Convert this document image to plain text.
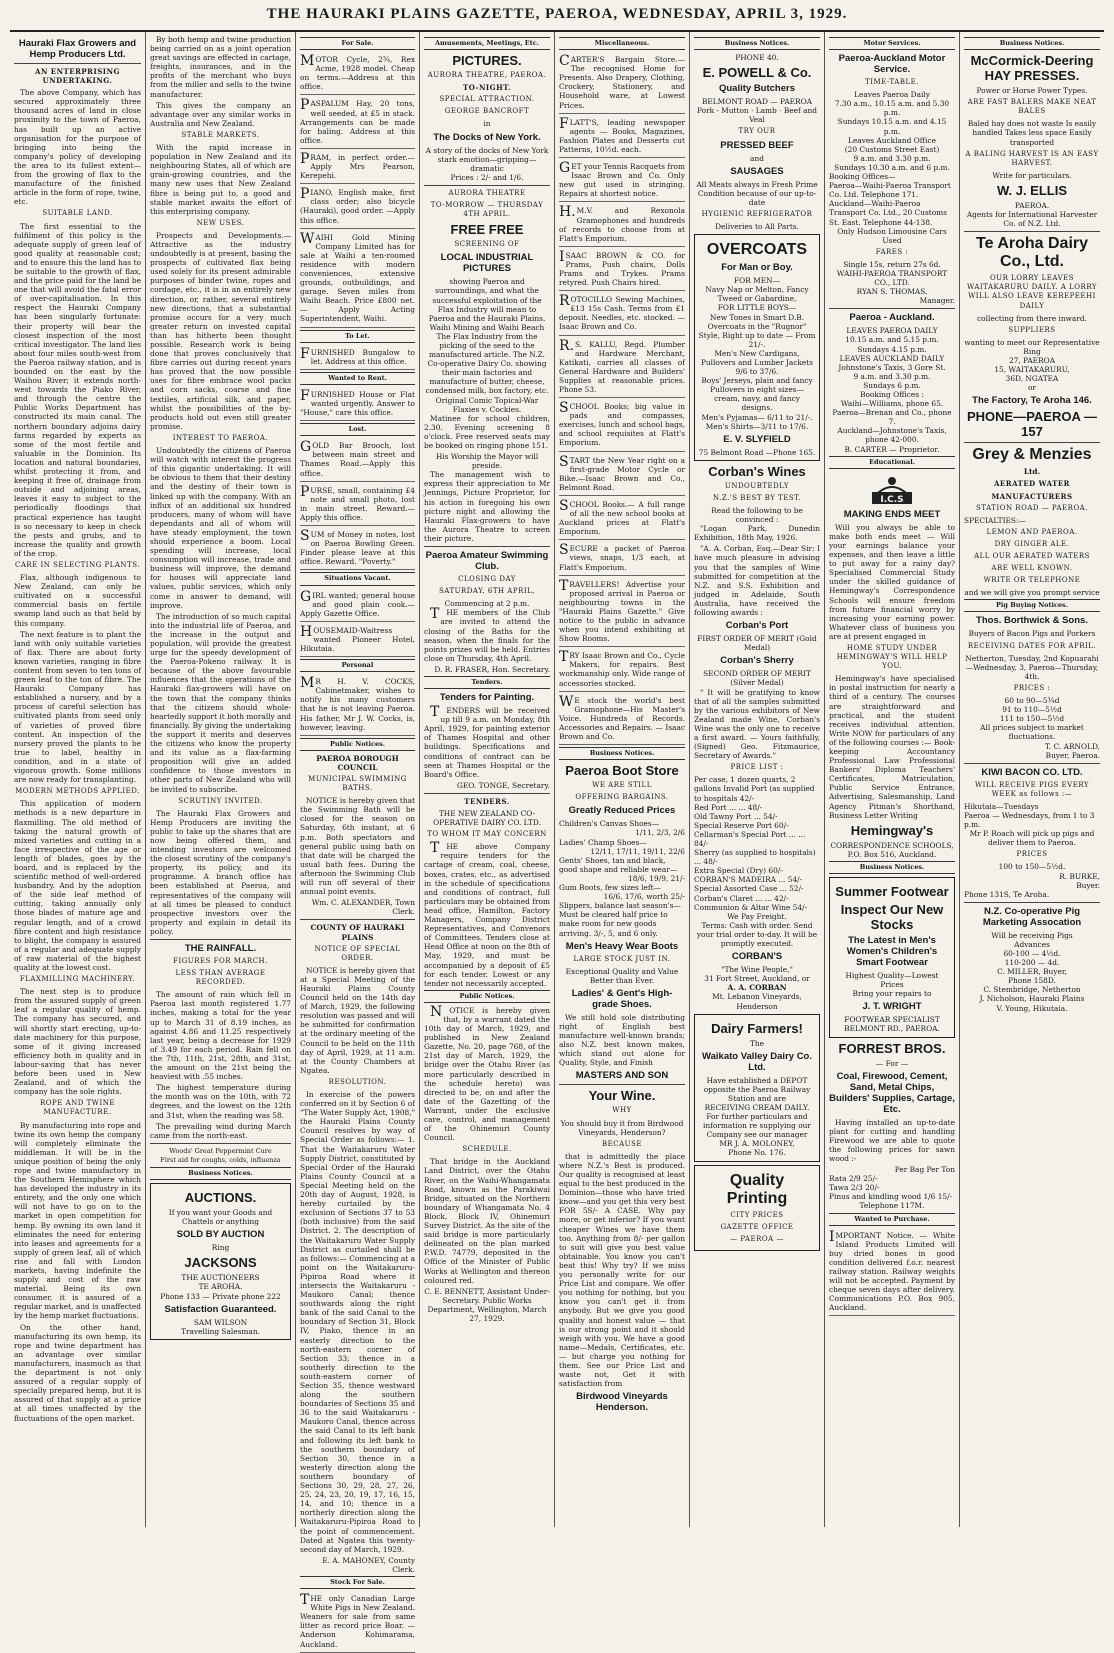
THE HAURAKI PLAINS GAZETTE, PAEROA, WEDNESDAY, APRIL 3, 1929.
Hauraki Flax Growers and Hemp Producers Ltd.
AN ENTERPRISING UNDERTAKING.

The above Company, which has secured approximately three thousand acres of land in close proximity to the town of Paeroa, has built up an active organisation for the purpose of bringing into being the company's policy of developing the area to its fullest extent—from the growing of flax to the manufacture of the finished article in the form of rope, twine, etc.

SUITABLE LAND.

The first essential to the fulfilment of this policy is the adequate supply of green leaf of good quality at reasonable cost; and to ensure this the land has to be suitable to the growth of flax, and the price paid for the land be one that will avoid the fatal error of over-capitalisation. In this respect the Hauraki Company has been singularly fortunate: their property will bear the closest inspection of the most critical investigator. The land lies about four miles south-west from the Paeroa railway station, and is bounded on the east by the Waihou River; it extends north-west towards the Piako River, and through the centre the Public Works Department has constructed its main canal. The northern boundary adjoins dairy farms regarded by experts as some of the most fertile and valuable in the Dominion. Its location and natural boundaries, whilst protecting it from, and keeping it free of, drainage from outside and adjoining areas, leaves it easy to subject to the periodically floodings that practical experience has taught is so necessary to keep in check the pests and grubs, and to increase the quality and growth of the crop.

CARE IN SELECTING PLANTS.

Flax, although indigenous to New Zealand, can only be cultivated on a successful commercial basis on fertile swamp land such as that held by this company.

The next feature is to plant the land with only suitable varieties of flax. There are about forty known varieties, ranging in fibre content from seven to ten tons of green leaf to the ton of fibre. The Hauraki Company has established a nursery, and by a process of careful selection has cultivated plants from seed only of varieties of proved fibre content. An inspection of the nursery proved the plants to be true to label, healthy in condition, and in a state of vigorous growth. Some millions are now ready for transplanting.

MODERN METHODS APPLIED.

This application of modern methods is a new departure in flaxmilling. The old method of taking the natural growth of mixed varieties and cutting in a face irrespective of the age or length of blades, goes by the board, and is replaced by the scientific method of well-ordered husbandry. And by the adoption of the side leaf method of cutting, taking annually only those blades of mature age and regular length, and of a crowd fibre content and high resistance to blight, the company is assured of a regular and adequate supply of raw material of the highest quality at the lowest cost.

FLAXMILLING MACHINERY.

The next step is to produce from the assured supply of green leaf a regular quality of hemp. The company has secured, and will shortly start erecting, up-to-date machinery for this purpose, some of it giving increased efficiency both in quality and in labour-saving that has never before been used in New Zealand, and of which the company has the sole rights.

ROPE AND TWINE MANUFACTURE.

By manufacturing into rope and twine its own hemp the company will completely eliminate the middleman. It will be in the unique position of being the only rope and twine manufactory in the Southern Hemisphere which has developed the industry in its entirety, and the only one which will not have to go on to the market in open competition for hemp. By owning its own land it eliminates the need for entering into leases and agreements for a supply of green leaf, all of which rise and fall with London markets, having indefinite the supply and cost of the raw material. Being its own consumer, it is assured of a regular market, and is unaffected by the hemp market fluctuations.

On the other hand, manufacturing its own hemp, its rope and twine department has an advantage over similar manufacturers, inasmuch as that the department is not only assured of a regular supply of specially prepared hemp, but it is assured of that supply at a price at all times unaffected by the fluctuations of the open market.

By both hemp and twine production being carried on as a joint operation great savings are effected in cartage, freights, insurances, and in the profits of the merchant who buys from the miller and sells to the twine manufacturer.

This gives the company an advantage over any similar works in Australia and New Zealand.

STABLE MARKETS.

With the rapid increase in population in New Zealand and its neighbouring States, all of which are grain-growing countries, and the many new uses that New Zealand fibre is being put to, a good and stable market awaits the effort of this enterprising company.

NEW USES.

Prospects and Developments.—Attractive as the industry undoubtedly is at present, basing the prospects of cultivated flax being used solely for its present admirable purposes of binder twine, ropes and cordage, etc., it is in an entirely new direction, or, rather, several entirely new directions, that a substantial promise occurs for a very much greater return on invested capital than has hitherto been thought possible. Research work is being done that proves conclusively that fibre carries out during recent years has proved that the now possible uses for fibre embrace wool packs and corn sacks, coarse and fine textiles, artificial silk, and paper, whilst the possibilities of the by-products hold out even still greater promise.

INTEREST TO PAEROA.

Undoubtedly the citizens of Paeroa will watch with interest the progress of this gigantic undertaking. It will be obvious to them that their destiny and the destiny of their town is linked up with the company. With an influx of an additional six hundred producers, many of whom will have dependants and all of whom will have steady employment, the town should experience a boom. Local spending will increase, local consumption will increase, trade and business will improve, the demand for houses will appreciate land values, public services, which only come in answer to demand, will improve.

The introduction of so much capital into the industrial life of Paeroa, and the increase in the output and population, will provide the greatest urge for the speedy development of the Paeroa-Pokeno railway. It is because of the above favourable influences that the operations of the Hauraki flax-growers will have on the town that the company thinks that the citizens should whole-heartedly support it both morally and financially. By giving the undertaking the support it merits and deserves the citizens who know the property and its value as a flax-farming proposition will give an added confidence to those investors in other parts of New Zealand who will be invited to subscribe.

SCRUTINY INVITED.

The Hauraki Flax Growers and Hemp Producers are inviting the public to take up the shares that are now being offered them, and intending investors are welcomed the closest scrutiny of the company's property, its policy, and its programme. A branch office has been established at Paeroa, and representatives of the company will at all times be pleased to conduct prospective investors over the property and explain in detail its policy.

THE RAINFALL.
FIGURES FOR MARCH.
LESS THAN AVERAGE RECORDED.

The amount of rain which fell in Paeroa last month registered 1.77 inches, making a total for the year up to March 31 of 8.19 inches, as against 4.86 and 11.25 respectively last year, being a decrease for 1929 of 3.49 for each period. Rain fell on the 7th, 11th, 21st, 28th, and 31st, the amount on the 21st being the heaviest with .55 inches.

The highest temperature during the month was on the 10th, with 72 degrees, and the lowest on the 12th and 31st, when the reading was 58.

The prevailing wind during March came from the north-east.

Woods' Great Peppermint Cure
First aid for coughs, colds, influenza
Business Notices.
AUCTIONS.
If you want your Goods and Chattels or anything
SOLD BY AUCTION
Ring
JACKSONS
THE AUCTIONEERS
TE AROHA.
Phone 133 — Private phone 222
Satisfaction Guaranteed.
SAM WILSON
Travelling Salesman.
For Sale.
MOTOR Cycle, 2¾, Rex Acme, 1928 model. Cheap on terms.—Address at this office.
PASPALUM Hay, 20 tons, well seeded, at £5 in stack. Arrangements can be made for baling. Address at this office.
PRAM, in perfect order.—Apply Mrs Pearson, Kerepehi.
PIANO, English make, first class order; also bicycle (Hauraki), good order. —Apply this office.
WAIHI Gold Mining Company Limited has for sale at Waihi a ten-roomed residence with modern conveniences, extensive grounds, outbuildings, and garage. Seven miles from Waihi Beach. Price £800 net. — Apply Acting Superintendent, Waihi.
To Let.
FURNISHED Bungalow to let. Address at this office.
Wanted to Rent.
FURNISHED House or Flat wanted urgently. Answer to "House," care this office.
Lost.
GOLD Bar Brooch, lost between main street and Thames Road.—Apply this office.
PURSE, small, containing £4 note and small photo, lost in main street. Reward.—Apply this office.
SUM of Money in notes, lost on Paeroa Bowling Green. Finder please leave at this office. Reward. "Poverty."
Situations Vacant.
GIRL wanted; general house and good plain cook.—Apply Gazette Office.
HOUSEMAID-Waitress wanted Pioneer Hotel, Hikutaia.
Personal
MR H. V. COCKS, Cabinetmaker, wishes to notify his many customers that he is not leaving Paeroa. His father, Mr J. W. Cocks, is, however, leaving.
Public Notices.
PAEROA BOROUGH COUNCIL
MUNICIPAL SWIMMING BATHS.

NOTICE is hereby given that the Swimming Bath will be closed for the season on Saturday, 6th instant, at 6 p.m. Both spectators and general public using bath on that date will be charged the usual bath fees. During the afternoon the Swimming Club will run off several of their annual point events.

Wm. C. ALEXANDER, Town Clerk.
COUNTY OF HAURAKI PLAINS
NOTICE OF SPECIAL ORDER.

NOTICE is hereby given that at a Special Meeting of the Hauraki Plains County Council held on the 14th day of March, 1929, the following resolution was passed and will be submitted for confirmation at the ordinary meeting of the Council to be held on the 11th day of April, 1929, at 11 a.m. at the County Chambers at Ngatea.

RESOLUTION.

In exercise of the powers conferred on it by Section 6 of "The Water Supply Act, 1908," the Hauraki Plains County Council resolves by way of Special Order as follows:— 1. That the Waitakaruru Water Supply District, constituted by Special Order of the Hauraki Plains County Council at a Special Meeting held on the 20th day of August, 1928, is hereby curtailed by the exclusion of Sections 37 to 53 (both inclusive) from the said District. 2. The description of the Waitakaruru Water Supply District as curtailed shall be as follows:— Commencing at a point on the Waitakaruru-Pipiroa Road where it intersects the Waitakaruru - Maukoro Canal; thence southwards along the right bank of the said Canal to the boundary of Section 31, Block IV, Piako, thence in an easterly direction to the north-eastern corner of Section 33; thence in a southerly direction to the south-eastern corner of Section 35, thence westward along the southern boundaries of Sections 35 and 36 to the said Waitakaruru - Maukoro Canal, thence across the said Canal to its left bank and following its left bank to the southern boundary of Section 30, thence in a westerly direction along the southern boundary of Sections 30, 29, 28, 27, 26, 25, 24, 23, 20, 19, 17, 16, 15, 14, and 10; thence in a northerly direction along the Waitakaruru-Pipiroa Road to the point of commencement. Dated at Ngatea this twenty-second day of March, 1929.

E. A. MAHONEY, County Clerk.
Stock For Sale.
THE only Canadian Large White Pigs in New Zealand. Weaners for sale from same litter as record price Boar. — Anderson Kohimarama, Auckland.
Amusements, Meetings, Etc.
PICTURES.
AURORA THEATRE, PAEROA.
TO-NIGHT.
SPECIAL ATTRACTION.
GEORGE BANCROFT
in
The Docks of New York.
A story of the docks of New York stark emotion—gripping—dramatic
Prices : 2/- and 1/6.
AURORA THEATRE
TO-MORROW — THURSDAY 4TH APRIL.
FREE FREE
SCREENING OF
LOCAL INDUSTRIAL PICTURES

showing Paeroa and surroundings, and what the successful exploitation of the Flax Industry will mean to Paeroa and the Hauraki Plains. Waihi Mining and Waihi Beach The Flax Industry from the picking of the seed to the manufactured article. The N.Z. Co-operative Dairy Co. showing their main factories and manufacture of butter, cheese, condensed milk, box factory, etc. Original Comic Topical-War Flaxies v. Cockies.

Matinee for school children, 2.30. Evening screening 8 o'clock. Free reserved seats may be booked on ringing phone 151.

His Worship the Mayor will preside.

The management wish to express their appreciation to Mr Jennings, Picture Proprietor, for his action in foregoing his own picture night and allowing the Hauraki Flax-growers to have the Aurora Theatre to screen their picture.

Paeroa Amateur Swimming Club.
CLOSING DAY
SATURDAY, 6TH APRIL,
Commencing at 2 p.m.

THE members of the Club are invited to attend the closing of the Baths for the season, when the finals for the points prizes will be held. Entries close on Thursday, 4th April.

D. R. FRASER, Hon. Secretary.
Tenders.
Tenders for Painting.

TENDERS will be received up till 9 a.m. on Monday, 8th April, 1929, for painting exterior of Thames Hospital and other buildings. Specifications and conditions of contract can be seen at Thames Hospital or the Board's Office.

GEO. TONGE, Secretary.
TENDERS.
THE NEW ZEALAND CO-OPERATIVE DAIRY CO. LTD.
TO WHOM IT MAY CONCERN

THE above Company require tenders for the cartage of cream, coal, cheese, boxes, crates, etc., as advertised in the schedule of specifications and conditions of contract, full particulars may be obtained from head office, Hamilton, Factory Managers, Company District Representatives, and Convenors of Committees. Tenders close at Head Office at noon on the 8th of May, 1929, and must be accompanied by a deposit of £5 for each tender. Lowest or any tender not necessarily accepted.

Public Notices.

NOTICE is hereby given that, by a warrant dated the 10th day of March, 1929, and published in New Zealand Gazette, No. 20, page 768, of the 21st day of March, 1929, the bridge over the Otahu River (as more particularly described in the schedule hereto) was directed to be, on and after the date of the Gazetting of the Warrant, under the exclusive care, control, and management of the Ohinemuri County Council.

SCHEDULE.

That bridge in the Auckland Land District, over the Otahu River, on the Waihi-Whangamata Road, known as the Parakiwai Bridge, situated on the Northern boundary of Whangamata No. 4 Block, Block IV, Ohinemuri Survey District. As the site of the said bridge is more particularly delineated on the plan marked P.W.D. 74779, deposited in the Office of the Minister of Public Works at Wellington and thereon coloured red.

C. E. BENNETT, Assistant Under-Secretary. Public Works Department, Wellington, March 27, 1929.
Miscellaneous.
CARTER'S Bargain Store.— The recognised Home for Presents. Also Drapery, Clothing, Crockery, Stationery, and Household ware, at Lowest Prices.
FLATT'S, leading newspaper agents — Books, Magazines, Fashion Plates and Desserts cut Patterns, 10½d. each.
GET your Tennis Racquets from Isaac Brown and Co. Only new gut used in stringing. Repairs at shortest notice.
H.M.V. and Rexonola Gramophones and hundreds of records to choose from at Flatt's Emporium.
ISAAC BROWN & CO. for Prams, Push chairs, Dolls Prams and Trykes. Prams retyred. Push Chairs hired.
ROTOCILLO Sewing Machines, £13 15s Cash. Terms from £1 deposit. Needles, etc. stocked. —Isaac Brown and Co.
R.S. KALLU, Regd. Plumber and Hardware Merchant, Katikati, carries all classes of General Hardware and Builders' Supplies at reasonable prices. Phone 53.
SCHOOL Books; big value in pads and compasses, exercises, lunch and school bags, and school requisites at Flatt's Emporium.
START the New Year right on a first-grade Motor Cycle or Bike.—Isaac Brown and Co., Belmont Road.
SCHOOL Books.— A full range of all the new school books at Auckland prices at Flatt's Emporium.
SECURE a packet of Paeroa views, snaps, 1/3 each, at Flatt's Emporium.
TRAVELLERS! Advertise your proposed arrival in Paeroa or neighbouring towns in the "Hauraki Plains Gazette." Give notice to the public in advance when you intend exhibiting at Show Rooms.
TRY Isaac Brown and Co., Cycle Makers, for repairs. Best workmanship only. Wide range of accessories stocked.
WE stock the world's best Gramophone—His Master's Voice. Hundreds of Records. Accessories and Repairs. — Isaac Brown and Co.
Business Notices.
Paeroa Boot Store
WE ARE STILL
OFFERING BARGAINS.
Greatly Reduced Prices
Children's Canvas Shoes—
1/11, 2/3, 2/6
Ladies' Champ Shoes—
12/11, 17/11, 19/11, 22/6
Gents' Shoes, tan and black, good shape and reliable wear—
18/6, 19/9, 21/-
Gum Boots, few sizes left—
16/6, 17/6, worth 25/-
Slippers, balance last season's— Must be cleared half price to make room for new goods arriving. 3/-, 5, and 6 only.
Men's Heavy Wear Boots
LARGE STOCK JUST IN.
Exceptional Quality and Value Better than Ever.
Ladies' & Gent's High-grade Shoes.

We still hold sole distributing right of English best manufacture well-known brands; also N.Z. best known makes, which stand out alone for Quality, Style, and Finish

MASTERS AND SON
Your Wine.
WHY
You should buy it from Birdwood Vineyards, Henderson?
BECAUSE

that is admittedly the place where N.Z.'s Best is produced. Our quality is recognised at least equal to the best produced in the Dominion—those who have tried know—and you get this very best FOR 5S/- A CASE. Why pay more, or get inferior? If you want cheaper Wines we have them too. Anything from 8/- per gallon to suit will give you best value obtainable. You know you can't beat this! Why try? If we miss you personally write for our Price List and compare. We offer you nothing for nothing, but you know you can't get it from anybody. But we give you good quality and honest value — that is our strong point and it should weigh with you. We have a good name—Medals, Certificates, etc.— but charge you nothing for them. See our Price List and waste not, Get it with satisfaction from

Birdwood Vineyards Henderson.
Business Notices.
PHONE 40.
E. POWELL & Co.
Quality Butchers
BELMONT ROAD — PAEROA
Pork · Mutton · Lamb · Beef and Veal
TRY OUR
PRESSED BEEF
and
SAUSAGES
All Meats always in Fresh Prime Condition because of our up-to-date
HYGIENIC REFRIGERATOR
Deliveries to All Parts.
OVERCOATS
For Man or Boy.
FOR MEN—
Navy Nap or Melton, Fancy Tweed or Gabardine,
FOR LITTLE BOYS—
New Tones in Smart D.B. Overcoats in the "Rugnor" Style, Right up to date — From 21/-.
Men's New Cardigans, Pullovers and Lumber Jackets
9/6 to 37/6.
Boys' Jerseys, plain and fancy
Pullovers in eight sizes— cream, navy, and fancy designs.
Men's Pyjamas— 6/11 to 21/-.
Men's Shirts—3/11 to 17/6.
E. V. SLYFIELD
75 Belmont Road —Phone 165.
Corban's Wines
UNDOUBTEDLY
N.Z.'S BEST BY TEST.
Read the following to be convinced :

"Logan Park, Dunedin Exhibition, 18th May, 1926.

"A. A. Corban, Esq.—Dear Sir: I have much pleasure in advising you that the samples of Wine submitted for competition at the N.Z. and S.S. Exhibition and judged in Adelaide, South Australia, have received the following awards :

Corban's Port
FIRST ORDER OF MERIT (Gold Medal)
Corban's Sherry
SECOND ORDER OF MERIT (Silver Medal)

" It will be gratifying to know that of all the samples submitted by the various exhibitors of New Zealand made Wine, Corban's Wine was the only one to receive a first award. — Yours faithfully, (Signed) Geo. Fitzmaurice, Secretary of Awards."

PRICE LIST :
Per case, 1 dozen quarts, 2 gallons Invalid Port (as supplied to hospitals 42/-
Red Port ... ... 48/-
Old Tawny Port ... 54/-
Special Reserve Port 60/-
Cellarman's Special Port ... ... 84/-
Sherry (as supplied to hospitals) ... 48/-
Extra Special (Dry) 60/-
CORBAN'S MADEIRA ... 54/-
Special Assorted Case ... 52/-
Corban's Claret ... ... 42/-
Communion & Altar Wine 54/-
We Pay Freight.
Terms: Cash with order. Send your trial order to-day. It will be promptly executed.
CORBAN'S
"The Wine People,"
31 Fort Street, Auckland, or
A. A. CORBAN
Mt. Lebanon Vineyards, Henderson
Dairy Farmers!
The
Waikato Valley Dairy Co. Ltd.
Have established a DEPOT
opposite the Paeroa Railway
Station and are
RECEIVING CREAM DAILY.
For further particulars and information re supplying our Company see our manager
MR J. A. MOLONEY,
Phone No. 176.
Quality Printing
CITY PRICES
GAZETTE OFFICE
— PAEROA —
Motor Services.
Paeroa-Auckland Motor Service.
TIME-TABLE.
Leaves Paeroa Daily
7.30 a.m., 10.15 a.m. and 5.30 p.m.
Sundays 10.15 a.m. and 4.15 p.m.
Leaves Auckland Office
(20 Customs Street East)
9 a.m. and 3.30 p.m.
Sundays 10.30 a.m. and 6 p.m.
Booking Offices—
Paeroa—Waihi-Paeroa Transport Co. Ltd. Telephone 171.
Auckland—Waihi-Paeroa Transport Co. Ltd., 20 Customs St. East. Telephone 44-138.
Only Hudson Limousine Cars Used
FARES :
Single 15s, return 27s 6d.
WAIHI-PAEROA TRANSPORT CO., LTD.
RYAN S. THOMAS.
Manager.
Paeroa - Auckland.
LEAVES PAEROA DAILY
10.15 a.m. and 5.15 p.m.
Sundays 4.15 p.m.
LEAVES AUCKLAND DAILY
Johnstone's Taxis, 3 Gore St.
9 a.m. and 3.30 p.m.
Sundays 6 p.m.
Booking Offices :
Waihi—Williams, phone 65.
Paeroa—Brenan and Co., phone 7.
Auckland—Johnstone's Taxis, phone 42-000.
B. CARTER — Proprietor.
Educational.
I.C.S
MAKING ENDS MEET

Will you always be able to make both ends meet — Will your earnings balance your expenses, and then leave a little to put away for a rainy day? Specialised Commercial Study under the skilled guidance of Hemingway's Correspondence Schools will ensure freedom from future financial worry by increasing your earning power. Whatever class of business you are at present engaged in

HOME STUDY UNDER HEMINGWAY'S WILL HELP YOU.

Hemingway's have specialised in postal instruction for nearly a third of a century. The courses are straightforward and practical, and the student receives individual attention. Write NOW for particulars of any of the following courses :— Book-keeping Accountancy Professional Law Professional Bankers' Diploma Teachers' Certificates, Matriculation, Public Service Entrance, Advertising, Salesmanship, Land Agency Pitman's Shorthand, Business Letter Writing

Hemingway's
CORRESPONDENCE SCHOOLS,
P.O. Box 516, Auckland.
Business Notices.
Summer Footwear
Inspect Our New Stocks
The Latest in Men's Women's Children's Smart Footwear
Highest Quality—Lowest Prices
Bring your repairs to
J. T. WRIGHT
FOOTWEAR SPECIALIST
BELMONT RD., PAEROA.
FORREST BROS.
— For —
Coal, Firewood, Cement, Sand, Metal Chips, Builders' Supplies, Cartage, Etc.

Having installed an up-to-date plant for cutting and handling Firewood we are able to quote the following prices for sawn wood :-

Per Bag Per Ton
Rata 2/9 25/-
Tawa 2/3 20/-
Pinus and kindling wood 1/6 15/-
Telephone 117M.
Wanted to Purchase.
IMPORTANT Notice. — White Island Products Limited will buy dried bones in good condition delivered f.o.r. nearest railway station. Railway weights will not be accepted. Payment by cheque seven days after delivery. Communications P.O. Box 905, Auckland.
Business Notices.
McCormick-Deering HAY PRESSES.
Power or Horse Power Types.
ARE FAST BALERS MAKE NEAT BALES
Baled hay does not waste Is easily handled Takes less space Easily transported
A BALING HARVEST IS AN EASY HARVEST.
Write for particulars.
W. J. ELLIS
PAEROA.
Agents for International Harvester Co. of N.Z. Ltd.
Te Aroha Dairy Co., Ltd.
OUR LORRY LEAVES WAITAKARURU DAILY. A LORRY WILL ALSO LEAVE KEREPEEHI DAILY
collecting from there inward.
SUPPLIERS
wanting to meet our Representative Ring
27, PAEROA
15, WAITAKARURU,
36D, NGATEA
or
The Factory, Te Aroha 146.
PHONE—PAEROA —157
Grey & Menzies
Ltd.
AERATED WATER
MANUFACTURERS
STATION ROAD — PAEROA.
SPECIALTIES:—
LEMON AND PAEROA.
DRY GINGER ALE.
ALL OUR AERATED WATERS
ARE WELL KNOWN.
WRITE OR TELEPHONE
and we will give you prompt service
Pig Buying Notices.
Thos. Borthwick & Sons.
Buyers of Bacon Pigs and Porkers
RECEIVING DATES FOR APRIL.
Netherton, Tuesday, 2nd Kopuarahi—Wednesday, 3, Paeroa—Thursday, 4th.
PRICES :
60 to 90—5¾d
91 to 110—5½d
111 to 150—5½d
All prices subject to market fluctuations.
T. C. ARNOLD,
Buyer, Paeroa.
KIWI BACON CO. LTD.
WILL RECEIVE PIGS EVERY WEEK as follows :—
Hikutaia—Tuesdays
Paeroa — Wednesdays, from 1 to 3 p.m.
Mr P. Roach will pick up pigs and deliver them to Paeroa.
PRICES
100 to 150—5½d.
R. BURKE,
Buyer.
Phone 131S, Te Aroha.
N.Z. Co-operative Pig Marketing Assocation
Will be receiving Pigs
Advances
60-100 — 4½d.
110-200 — 4d.
C. MILLER, Buyer,
Phone 158D.
C. Stembridge, Netherton
J. Nicholson, Hauraki Plains
V. Young, Hikutaia.
